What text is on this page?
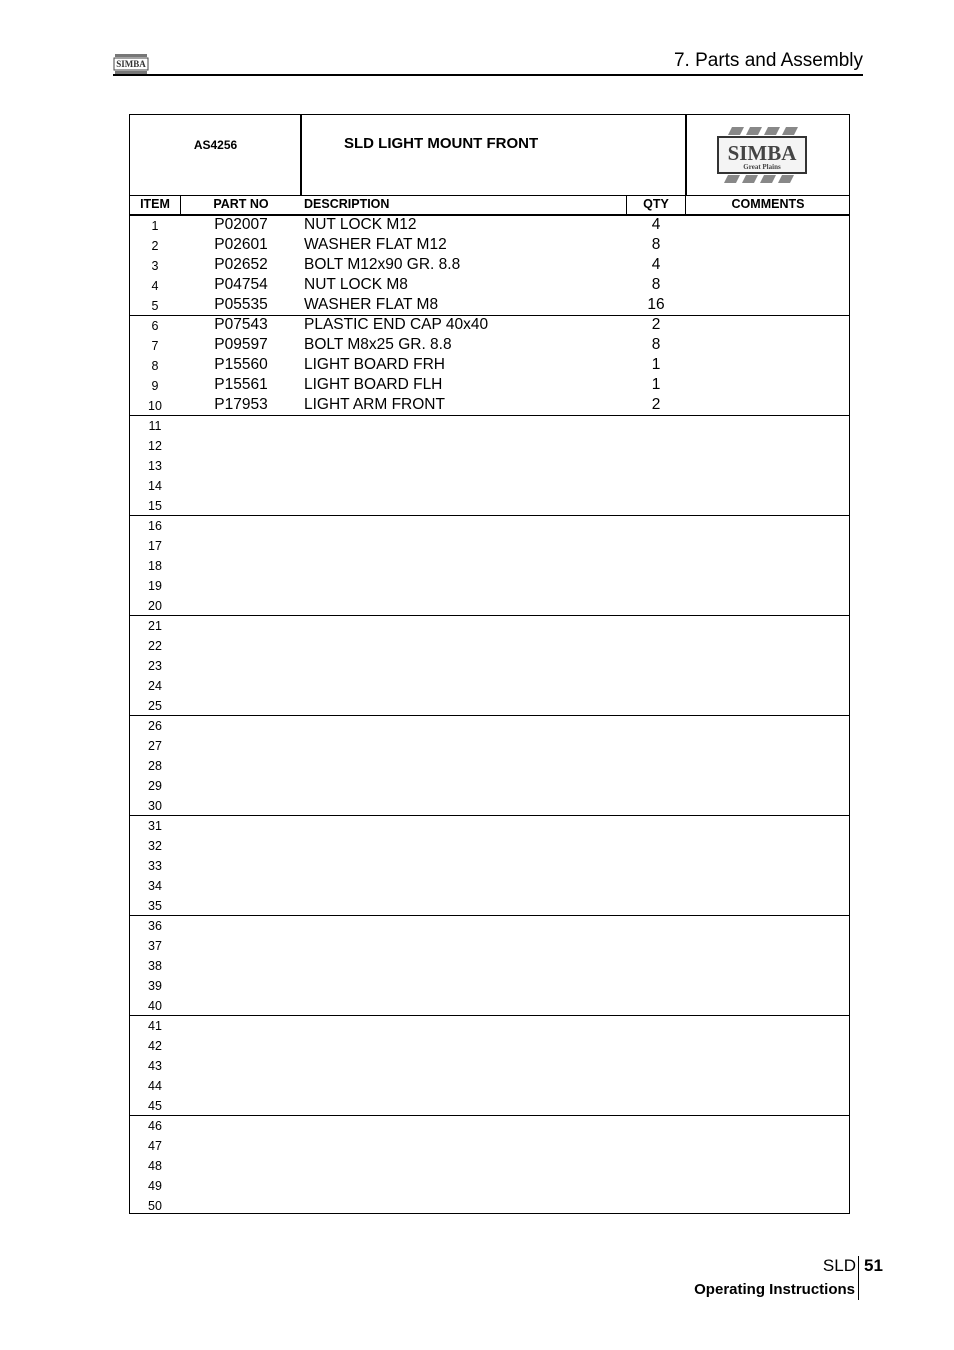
SIMBA	7. Parts and Assembly
AS4256	SLD LIGHT MOUNT FRONT	SIMBA
Great Plains
ITEM	PART NO	DESCRIPTION	QTY	COMMENTS
1	P02007	NUT LOCK M12	4
2	P02601	WASHER FLAT M12	8
3	P02652	BOLT M12x90 GR. 8.8	4
4	P04754	NUT LOCK M8	8
5	P05535	WASHER FLAT M8	16
6	P07543	PLASTIC END CAP 40x40	2
7	P09597	BOLT M8x25 GR. 8.8	8
8	P15560	LIGHT BOARD FRH	1
9	P15561	LIGHT BOARD FLH	1
10	P17953	LIGHT ARM FRONT	2
11
12
13
14
15
16
17
18
19
20
21
22
23
24
25
26
27
28
29
30
31
32
33
34
35
36
37
38
39
40
41
42
43
44
45
46
47
48
49
50
SLD 51
Operating Instructions
